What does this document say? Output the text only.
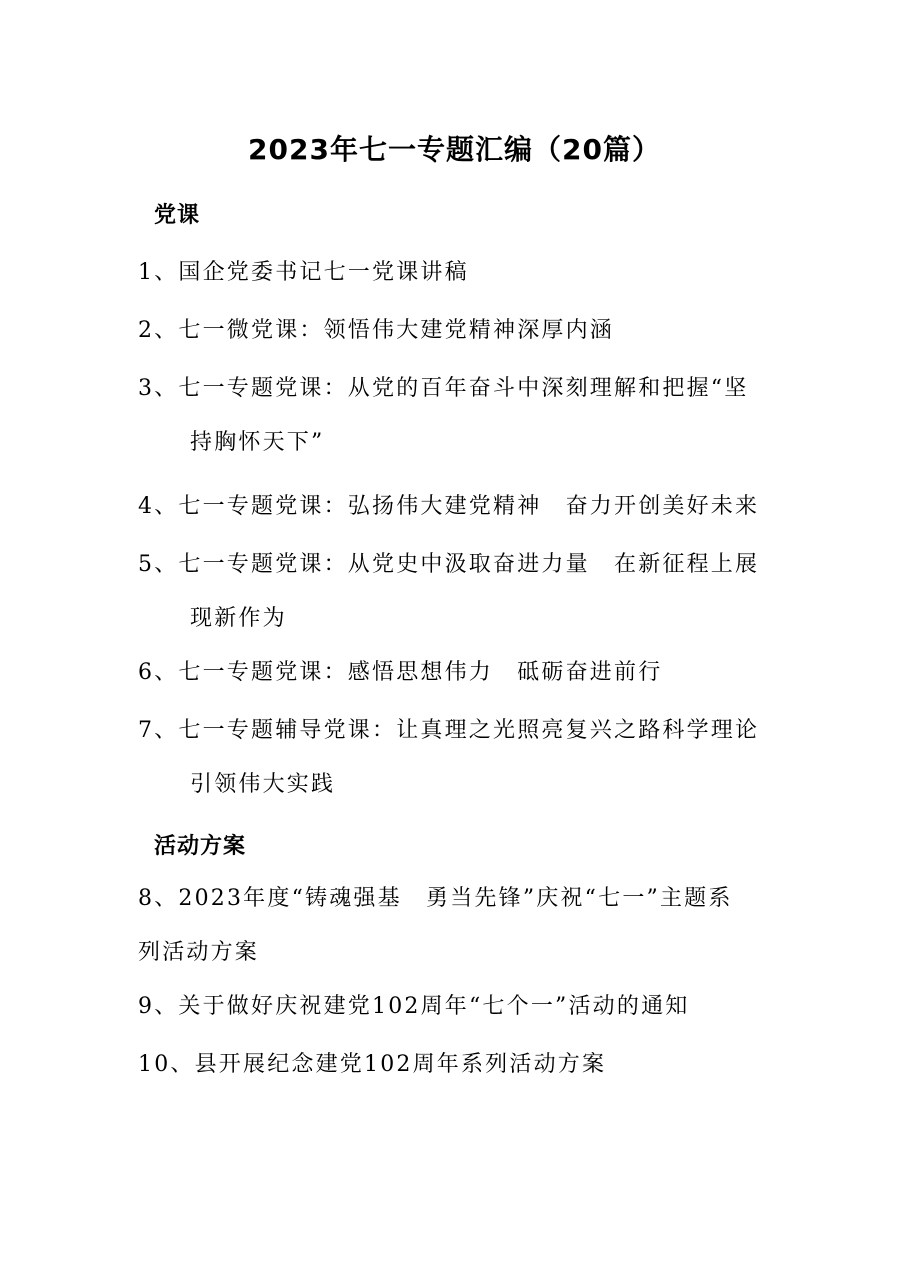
2023年七一专题汇编（20篇）
党课
1、国企党委书记七一党课讲稿
2、七一微党课：领悟伟大建党精神深厚内涵
3、七一专题党课：从党的百年奋斗中深刻理解和把握“坚
持胸怀天下”
4、七一专题党课：弘扬伟大建党精神　奋力开创美好未来
5、七一专题党课：从党史中汲取奋进力量　在新征程上展
现新作为
6、七一专题党课：感悟思想伟力　砥砺奋进前行
7、七一专题辅导党课：让真理之光照亮复兴之路科学理论
引领伟大实践
活动方案
8、2023年度“铸魂强基　勇当先锋”庆祝“七一”主题系
列活动方案
9、关于做好庆祝建党102周年“七个一”活动的通知
10、县开展纪念建党102周年系列活动方案
